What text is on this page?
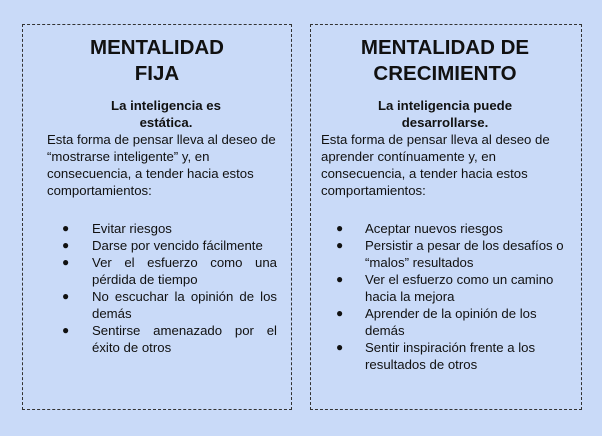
MENTALIDAD
FIJA
La inteligencia es
estática.

Esta forma de pensar lleva al deseo de “mostrarse inteligente” y, en consecuencia, a tender hacia estos comportamientos:

● Evitar riesgos
● Darse por vencido fácilmente
● Ver el esfuerzo como una pérdida de tiempo
● No escuchar la opinión de los demás
● Sentirse amenazado por el éxito de otros
MENTALIDAD DE
CRECIMIENTO
La inteligencia puede
desarrollarse.

Esta forma de pensar lleva al deseo de aprender contínuamente y, en consecuencia, a tender hacia estos comportamientos:

● Aceptar nuevos riesgos
● Persistir a pesar de los desafíos o “malos” resultados
● Ver el esfuerzo como un camino hacia la mejora
● Aprender de la opinión de los demás
● Sentir inspiración frente a los resultados de otros
